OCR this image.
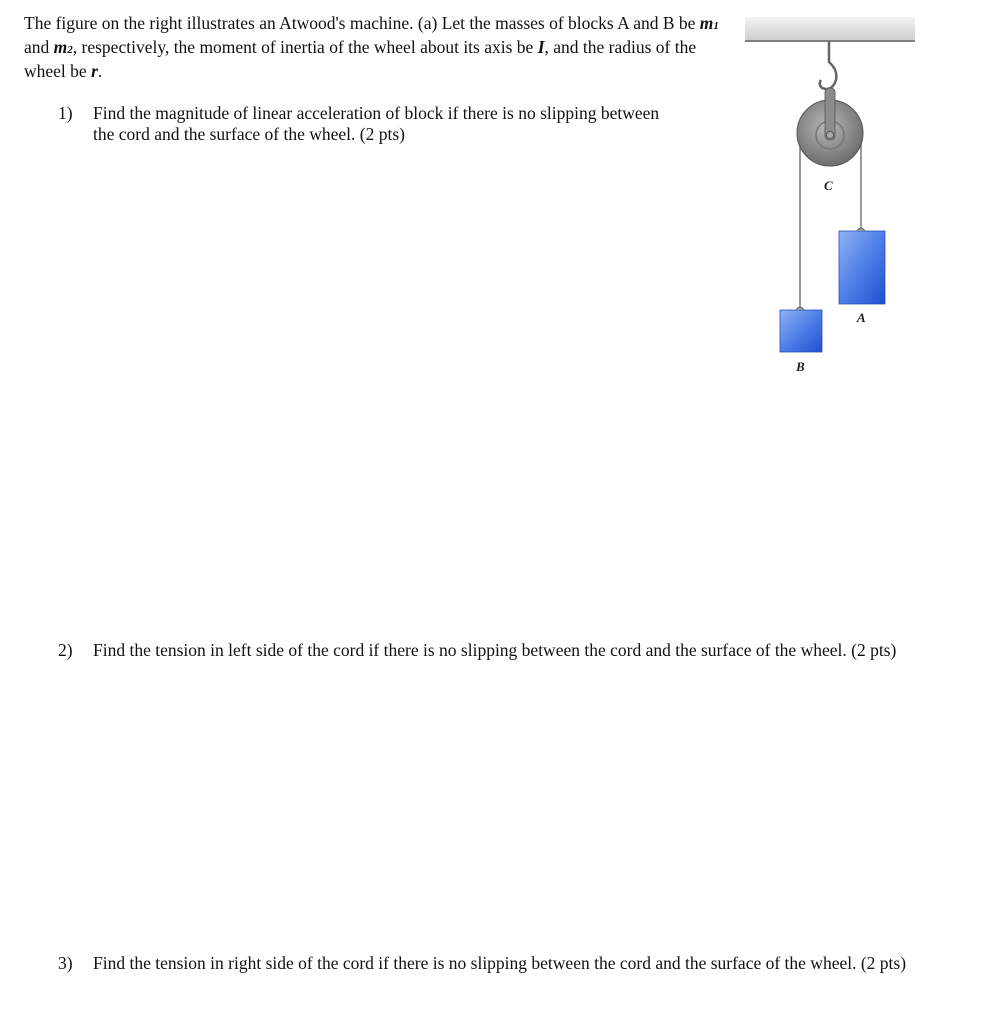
The figure on the right illustrates an Atwood's machine. (a) Let the masses of blocks A and B be m1 and m2, respectively, the moment of inertia of the wheel about its axis be I, and the radius of the wheel be r.
1) Find the magnitude of linear acceleration of block if there is no slipping between the cord and the surface of the wheel. (2 pts)
2) Find the tension in left side of the cord if there is no slipping between the cord and the surface of the wheel. (2 pts)
3) Find the tension in right side of the cord if there is no slipping between the cord and the surface of the wheel. (2 pts)
C
A
B
